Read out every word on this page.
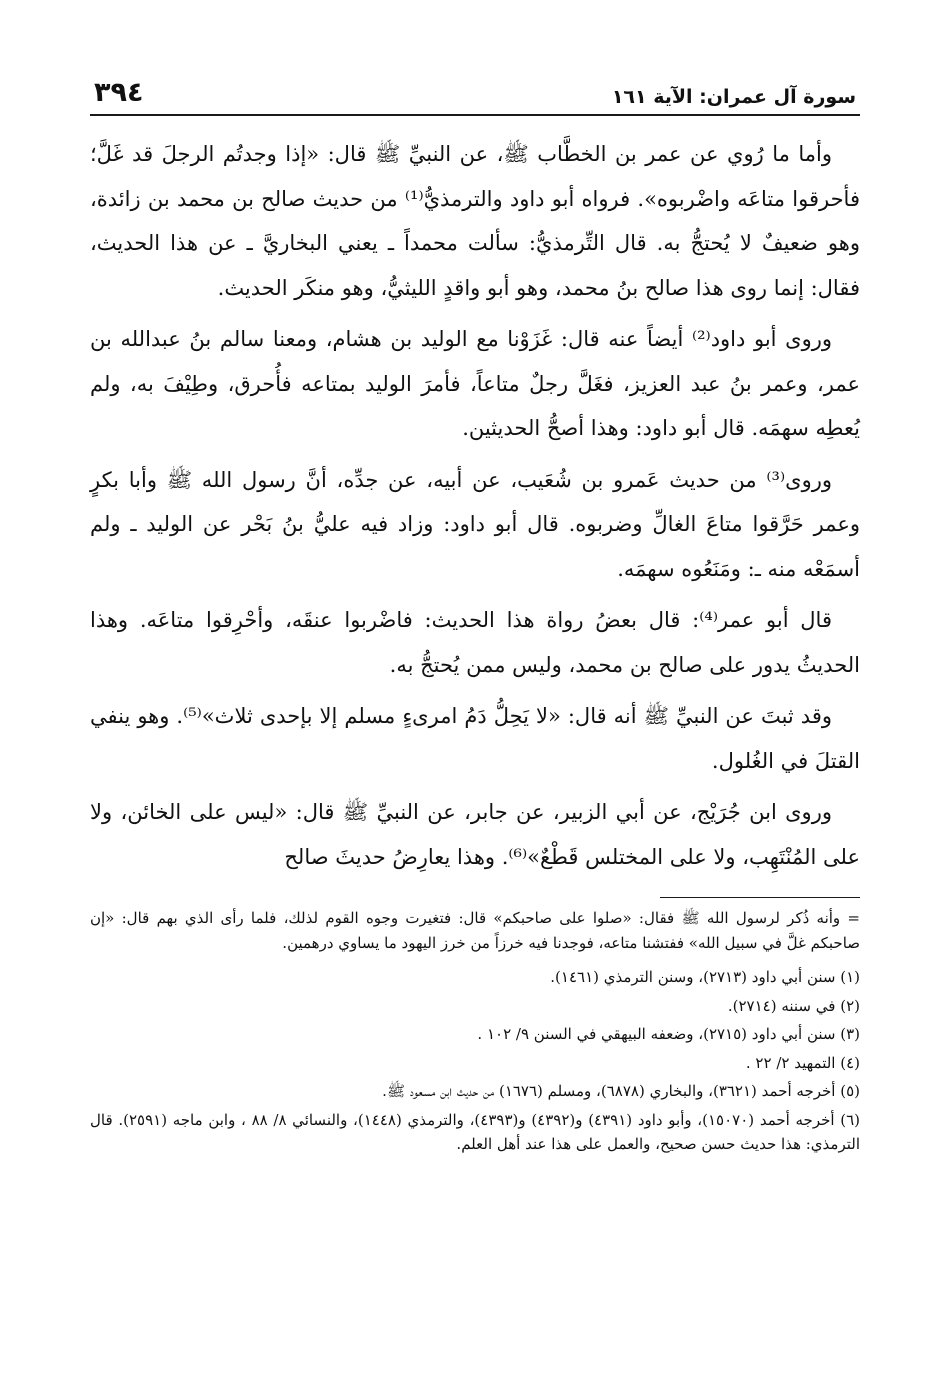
سورة آل عمران: الآية ١٦١
٣٩٤

وأما ما رُوي عن عمر بن الخطَّاب ﷺ، عن النبيِّ ﷺ قال: «إذا وجدتُم الرجلَ قد غَلَّ؛ فأحرقوا متاعَه واضْربوه». فرواه أبو داود والترمذيُّ⁽¹⁾ من حديث صالح بن محمد بن زائدة، وهو ضعيفٌ لا يُحتجُّ به. قال التِّرمذيُّ: سألت محمداً ـ يعني البخاريَّ ـ عن هذا الحديث، فقال: إنما روى هذا صالح بنُ محمد، وهو أبو واقدٍ الليثيُّ، وهو منكَر الحديث.

وروى أبو داود⁽²⁾ أيضاً عنه قال: غَزَوْنا مع الوليد بن هشام، ومعنا سالم بنُ عبدالله بن عمر، وعمر بنُ عبد العزيز، فغَلَّ رجلٌ متاعاً، فأمرَ الوليد بمتاعه فأُحرق، وطِيْفَ به، ولم يُعطِه سهمَه. قال أبو داود: وهذا أصحُّ الحديثين.

وروى⁽³⁾ من حديث عَمرو بن شُعَيب، عن أبيه، عن جدِّه، أنَّ رسول الله ﷺ وأبا بكرٍ وعمر حَرَّقوا متاعَ الغالِّ وضربوه. قال أبو داود: وزاد فيه عليُّ بنُ بَحْر عن الوليد ـ ولم أسمَعْه منه ـ: ومَنَعُوه سهمَه.

قال أبو عمر⁽⁴⁾: قال بعضُ رواة هذا الحديث: فاضْربوا عنقَه، وأحْرِقوا متاعَه. وهذا الحديثُ يدور على صالح بن محمد، وليس ممن يُحتجُّ به.

وقد ثبتَ عن النبيِّ ﷺ أنه قال: «لا يَحِلُّ دَمُ امرىءٍ مسلم إلا بإحدى ثلاث»⁽⁵⁾. وهو ينفي القتلَ في الغُلول.

وروى ابن جُرَيْج، عن أبي الزبير، عن جابر، عن النبيِّ ﷺ قال: «ليس على الخائن، ولا على المُنْتَهِب، ولا على المختلس قَطْعٌ»⁽⁶⁾. وهذا يعارِضُ حديثَ صالح

= وأنه ذُكر لرسول الله ﷺ فقال: «صلوا على صاحبكم» قال: فتغيرت وجوه القوم لذلك، فلما رأى الذي بهم قال: «إن صاحبكم غلَّ في سبيل الله» ففتشنا متاعه، فوجدنا فيه خرزاً من خرز اليهود ما يساوي درهمين.

(١) سنن أبي داود (٢٧١٣)، وسنن الترمذي (١٤٦١).

(٢) في سننه (٢٧١٤).

(٣) سنن أبي داود (٢٧١٥)، وضعفه البيهقي في السنن ٩/ ١٠٢ .

(٤) التمهيد ٢/ ٢٢ .

(٥) أخرجه أحمد (٣٦٢١)، والبخاري (٦٨٧٨)، ومسلم (١٦٧٦) من حديث ابن مسعود ﷺ.

(٦) أخرجه أحمد (١٥٠٧٠)، وأبو داود (٤٣٩١) و(٤٣٩٢) و(٤٣٩٣)، والترمذي (١٤٤٨)، والنسائي ٨/ ٨٨ ، وابن ماجه (٢٥٩١). قال الترمذي: هذا حديث حسن صحيح، والعمل على هذا عند أهل العلم.
